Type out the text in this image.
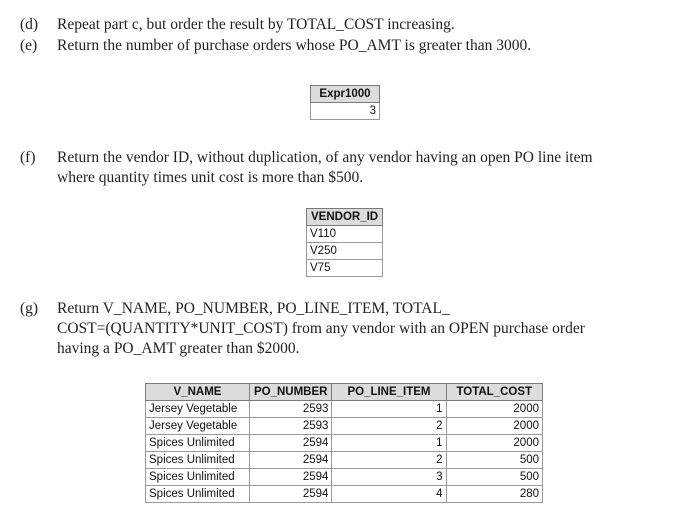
(d) Repeat part c, but order the result by TOTAL_COST increasing.
(e) Return the number of purchase orders whose PO_AMT is greater than 3000.
Expr1000
3
(f) Return the vendor ID, without duplication, of any vendor having an open PO line item
where quantity times unit cost is more than $500.
VENDOR_ID
V110
V250
V75
(g) Return V_NAME, PO_NUMBER, PO_LINE_ITEM, TOTAL_
COST=(QUANTITY*UNIT_COST) from any vendor with an OPEN purchase order
having a PO_AMT greater than $2000.
V_NAME	PO_NUMBER	PO_LINE_ITEM	TOTAL_COST
Jersey Vegetable	2593	1	2000
Jersey Vegetable	2593	2	2000
Spices Unlimited	2594	1	2000
Spices Unlimited	2594	2	500
Spices Unlimited	2594	3	500
Spices Unlimited	2594	4	280
